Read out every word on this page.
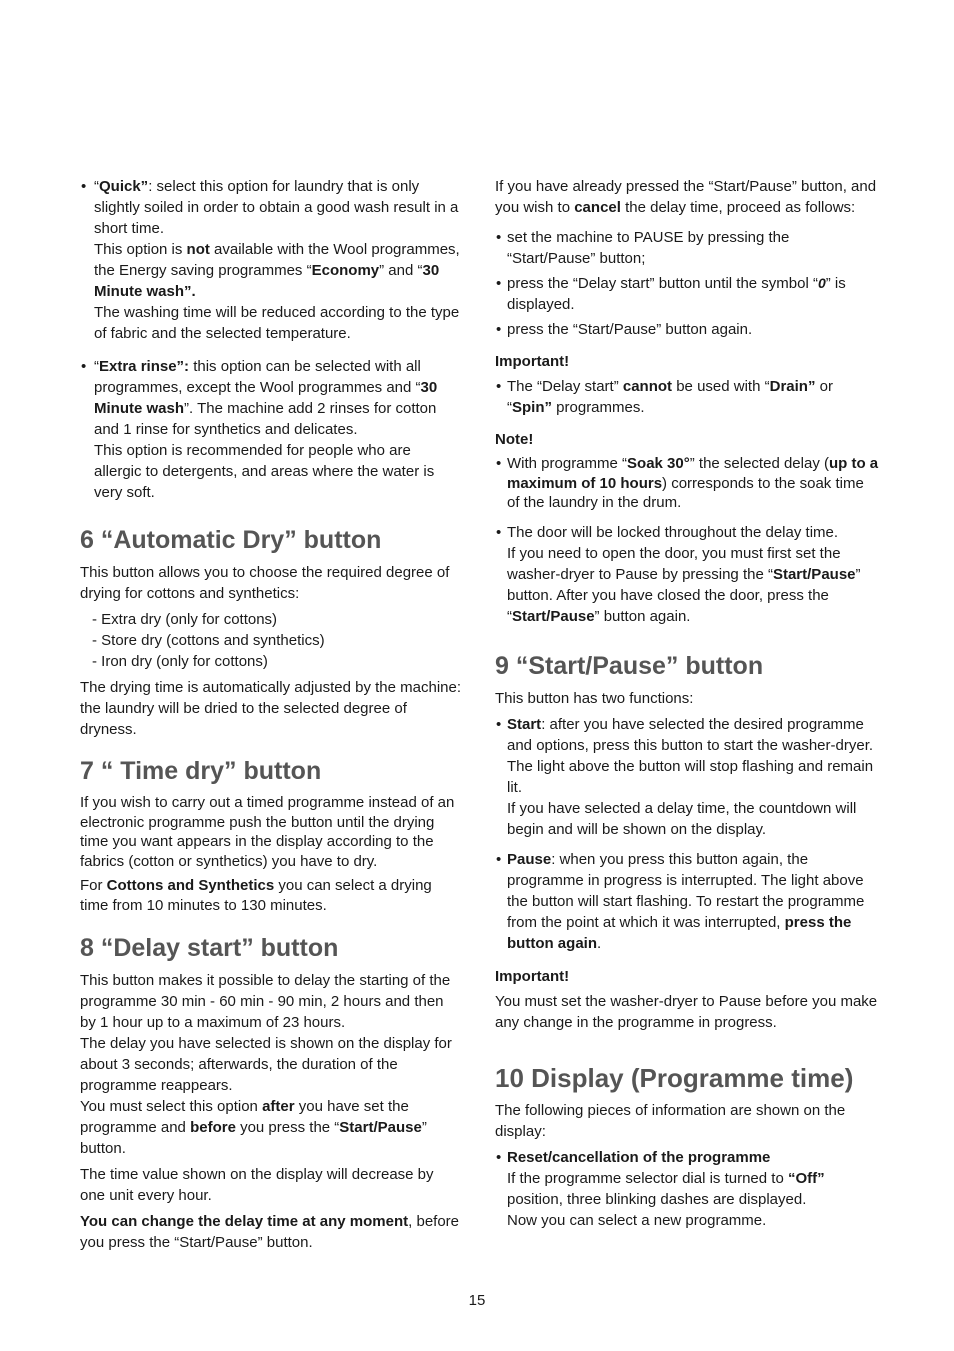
• “Quick”: select this option for laundry that is only slightly soiled in order to obtain a good wash result in a short time.
This option is not available with the Wool programmes, the Energy saving programmes “Economy” and “30 Minute wash”.
The washing time will be reduced according to the type of fabric and the selected temperature.
• “Extra rinse”: this option can be selected with all programmes, except the Wool programmes and “30 Minute wash”. The machine add 2 rinses for cotton and 1 rinse for synthetics and delicates.
This option is recommended for people who are allergic to detergents, and areas where the water is very soft.
6 “Automatic Dry” button

This button allows you to choose the required degree of drying for cottons and synthetics:

- Extra dry (only for cottons)
- Store dry (cottons and synthetics)
- Iron dry (only for cottons)

The drying time is automatically adjusted by the machine: the laundry will be dried to the selected degree of dryness.

7 “ Time dry” button

If you wish to carry out a timed programme instead of an electronic programme push the button until the drying time you want appears in the display according to the fabrics (cotton or synthetics) you have to dry.

For Cottons and Synthetics you can select a drying time from 10 minutes to 130 minutes.

8 “Delay start” button

This button makes it possible to delay the starting of the programme 30 min - 60 min - 90 min, 2 hours and then by 1 hour up to a maximum of 23 hours.

The delay you have selected is shown on the display for about 3 seconds; afterwards, the duration of the programme reappears.

You must select this option after you have set the programme and before you press the “Start/Pause” button.

The time value shown on the display will decrease by one unit every hour.

You can change the delay time at any moment, before you press the “Start/Pause” button.

If you have already pressed the “Start/Pause” button, and you wish to cancel the delay time, proceed as follows:

• set the machine to PAUSE by pressing the “Start/Pause” button;
• press the “Delay start” button until the symbol “0” is displayed.
• press the “Start/Pause” button again.
Important!
• The “Delay start” cannot be used with “Drain” or “Spin” programmes.
Note!
• With programme “Soak 30°” the selected delay (up to a maximum of 10 hours) corresponds to the soak time of the laundry in the drum.
• The door will be locked throughout the delay time.
If you need to open the door, you must first set the washer-dryer to Pause by pressing the “Start/Pause” button. After you have closed the door, press the “Start/Pause” button again.
9 “Start/Pause” button

This button has two functions:

• Start: after you have selected the desired programme and options, press this button to start the washer-dryer. The light above the button will stop flashing and remain lit.
If you have selected a delay time, the countdown will begin and will be shown on the display.
• Pause: when you press this button again, the programme in progress is interrupted. The light above the button will start flashing. To restart the programme from the point at which it was interrupted, press the button again.
Important!

You must set the washer-dryer to Pause before you make any change in the programme in progress.

10 Display (Programme time)

The following pieces of information are shown on the display:

• Reset/cancellation of the programme
If the programme selector dial is turned to “Off” position, three blinking dashes are displayed.
Now you can select a new programme.
15
